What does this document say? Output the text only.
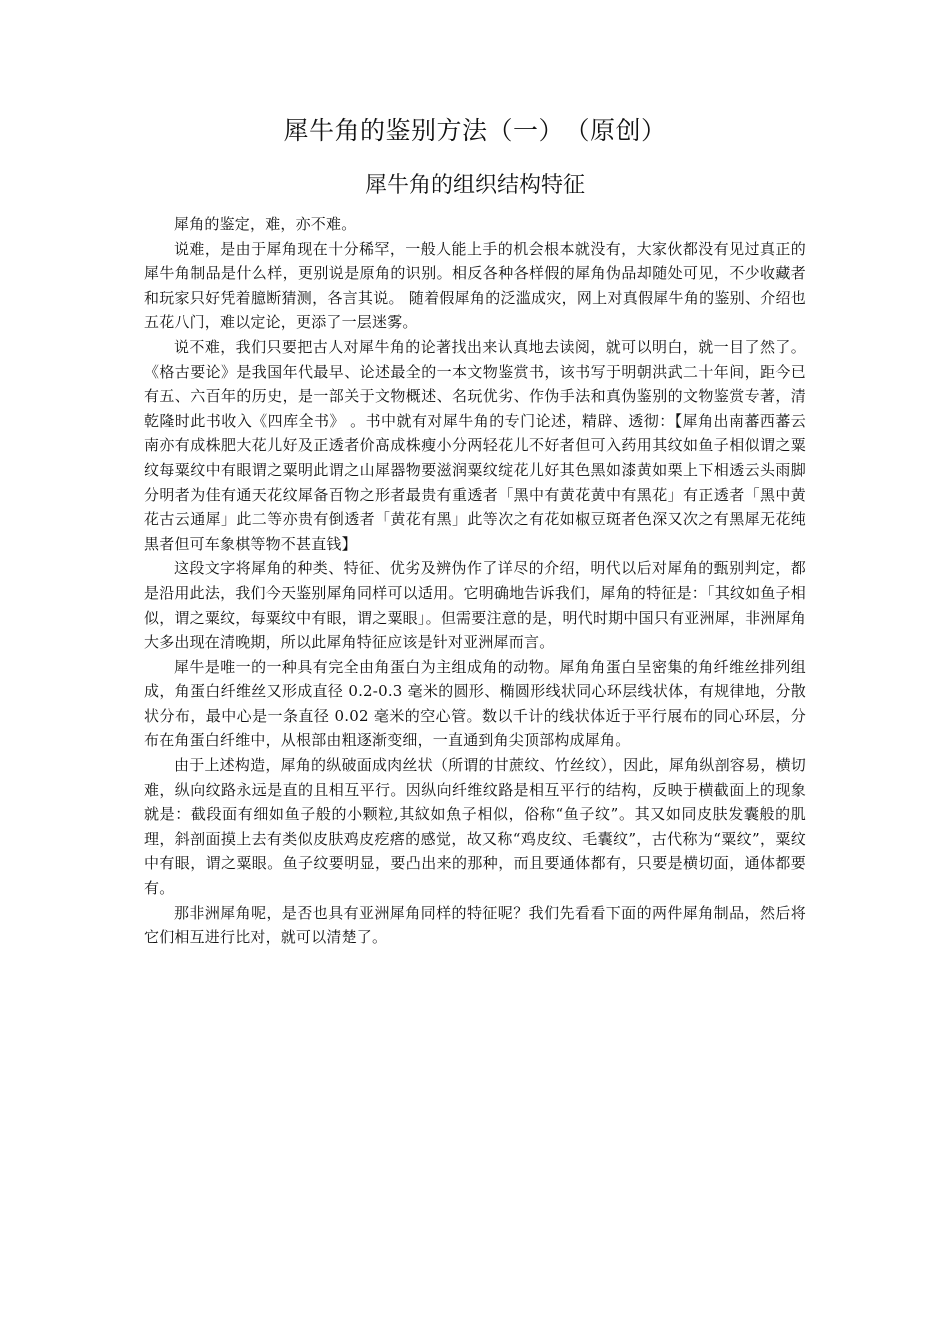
犀牛角的鉴别方法（一）　（原创）
犀牛角的组织结构特征

犀角的鉴定，难，亦不难。

说难，是由于犀角现在十分稀罕，一般人能上手的机会根本就没有，大家伙都没有见过真正的犀牛角制品是什么样，更别说是原角的识别。相反各种各样假的犀角伪品却随处可见，不少收藏者和玩家只好凭着臆断猜测，各言其说。 随着假犀角的泛滥成灾，网上对真假犀牛角的鉴别、介绍也五花八门，难以定论，更添了一层迷雾。

说不难，我们只要把古人对犀牛角的论著找出来认真地去读阅，就可以明白，就一目了然了。 《格古要论》是我国年代最早、论述最全的一本文物鉴赏书，该书写于明朝洪武二十年间，距今已有五、六百年的历史，是一部关于文物概述、名玩优劣、作伪手法和真伪鉴别的文物鉴赏专著，清乾隆时此书收入《四库全书》 。书中就有对犀牛角的专门论述，精辟、透彻：【犀角出南蕃西蕃云南亦有成株肥大花儿好及正透者价髙成株瘦小分两轻花儿不好者但可入药用其纹如鱼子相似谓之粟纹每粟纹中有眼谓之粟明此谓之山犀器物要滋润粟纹绽花儿好其色黑如漆黄如栗上下相透云头雨脚分明者为佳有通天花纹犀备百物之形者最贵有重透者「黑中有黄花黄中有黑花」有正透者「黑中黄花古云通犀」此二等亦贵有倒透者「黄花有黑」此等次之有花如椒豆斑者色深又次之有黑犀无花纯黒者但可车象棋等物不甚直钱】

这段文字将犀角的种类、特征、优劣及辨伪作了详尽的介绍，明代以后对犀角的甄别判定，都是沿用此法，我们今天鉴别犀角同样可以适用。它明确地告诉我们，犀角的特征是：「其纹如鱼子相似，谓之粟纹，每粟纹中有眼，谓之粟眼」。但需要注意的是，明代时期中国只有亚洲犀，非洲犀角大多出现在清晚期，所以此犀角特征应该是针对亚洲犀而言。

犀牛是唯一的一种具有完全由角蛋白为主组成角的动物。犀角角蛋白呈密集的角纤维丝排列组成，角蛋白纤维丝又形成直径 0.2-0.3 毫米的圆形、椭圆形线状同心环层线状体，有规律地，分散状分布，最中心是一条直径 0.02 毫米的空心管。数以千计的线状体近于平行展布的同心环层，分布在角蛋白纤维中，从根部由粗逐渐变细，一直通到角尖顶部构成犀角。

由于上述构造，犀角的纵破面成肉丝状（所谓的甘蔗纹、竹丝纹），因此，犀角纵剖容易，横切难，纵向纹路永远是直的且相互平行。因纵向纤维纹路是相互平行的结构，反映于横截面上的现象就是：截段面有细如鱼子般的小颗粒,其紋如魚子相似，俗称“鱼子纹”。其又如同皮肤发囊般的肌理，斜剖面摸上去有类似皮肤鸡皮疙瘩的感觉，故又称“鸡皮纹、毛囊纹”，古代称为“粟纹”，粟纹中有眼，谓之粟眼。鱼子纹要明显，要凸出来的那种，而且要通体都有，只要是横切面，通体都要有。

那非洲犀角呢，是否也具有亚洲犀角同样的特征呢？我们先看看下面的两件犀角制品，然后将它们相互进行比对，就可以清楚了。
